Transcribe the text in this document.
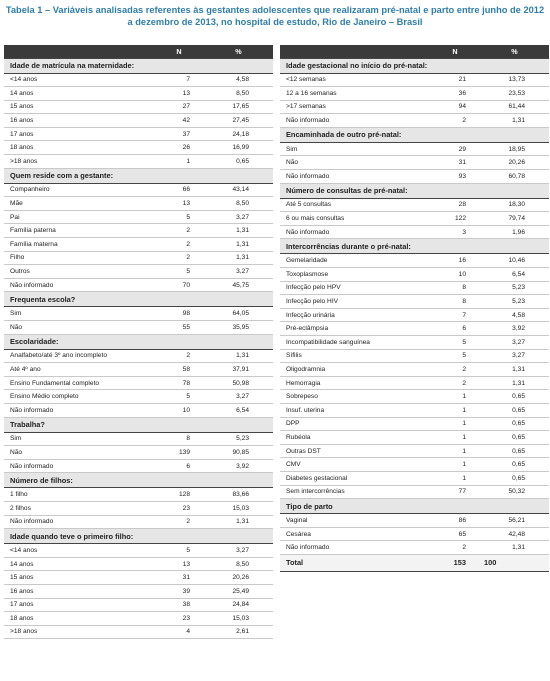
Tabela 1 – Variáveis analisadas referentes às gestantes adolescentes que realizaram pré-natal e parto entre junho de 2012 a dezembro de 2013, no hospital de estudo, Rio de Janeiro – Brasil
	N	%
Idade de matrícula na maternidade:		
<14 anos	7	4,58
14 anos	13	8,50
15 anos	27	17,65
16 anos	42	27,45
17 anos	37	24,18
18 anos	26	16,99
>18 anos	1	0,65
Quem reside com a gestante:		
Companheiro	66	43,14
Mãe	13	8,50
Pai	5	3,27
Família paterna	2	1,31
Família materna	2	1,31
Filho	2	1,31
Outros	5	3,27
Não informado	70	45,75
Frequenta escola?		
Sim	98	64,05
Não	55	35,95
Escolaridade:		
Analfabeto/até 3º ano incompleto	2	1,31
Até 4º ano	58	37,91
Ensino Fundamental completo	78	50,98
Ensino Médio completo	5	3,27
Não informado	10	6,54
Trabalha?		
Sim	8	5,23
Não	139	90,85
Não informado	6	3,92
Número de filhos:		
1 filho	128	83,66
2 filhos	23	15,03
Não informado	2	1,31
Idade quando teve o primeiro filho:		
<14 anos	5	3,27
14 anos	13	8,50
15 anos	31	20,26
16 anos	39	25,49
17 anos	38	24,84
18 anos	23	15,03
>18 anos	4	2,61
	N	%
Idade gestacional no início do pré-natal:		
<12 semanas	21	13,73
12 a 16 semanas	36	23,53
>17 semanas	94	61,44
Não informado	2	1,31
Encaminhada de outro pré-natal:		
Sim	29	18,95
Não	31	20,26
Não informado	93	60,78
Número de consultas de pré-natal:		
Até 5 consultas	28	18,30
6 ou mais consultas	122	79,74
Não informado	3	1,96
Intercorrências durante o pré-natal:		
Gemelaridade	16	10,46
Toxoplasmose	10	6,54
Infecção pelo HPV	8	5,23
Infecção pelo HIV	8	5,23
Infecção urinária	7	4,58
Pré-eclâmpsia	6	3,92
Incompatibilidade sanguínea	5	3,27
Sífilis	5	3,27
Oligodramnia	2	1,31
Hemorragia	2	1,31
Sobrepeso	1	0,65
Insuf. uterina	1	0,65
DPP	1	0,65
Rubéola	1	0,65
Outras DST	1	0,65
CMV	1	0,65
Diabetes gestacional	1	0,65
Sem intercorrências	77	50,32
Tipo de parto		
Vaginal	86	56,21
Cesárea	65	42,48
Não informado	2	1,31
Total	153	100
